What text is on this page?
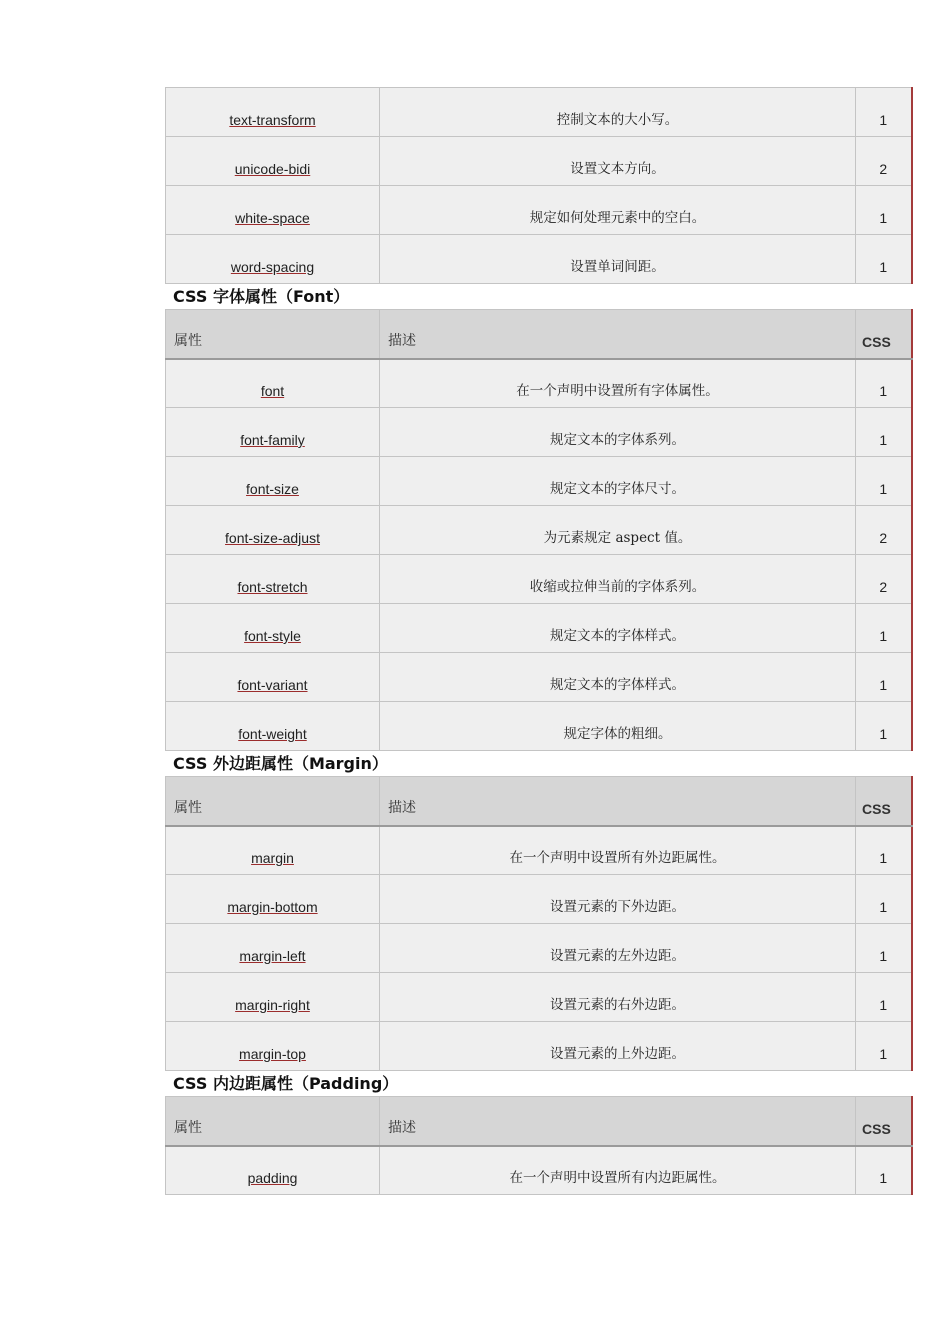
text-transform	控制文本的大小写。	1
unicode-bidi	设置文本方向。	2
white-space	规定如何处理元素中的空白。	1
word-spacing	设置单词间距。	1
CSS 字体属性（Font）
属性	描述	CSS
font	在一个声明中设置所有字体属性。	1
font-family	规定文本的字体系列。	1
font-size	规定文本的字体尺寸。	1
font-size-adjust	为元素规定 aspect 值。	2
font-stretch	收缩或拉伸当前的字体系列。	2
font-style	规定文本的字体样式。	1
font-variant	规定文本的字体样式。	1
font-weight	规定字体的粗细。	1
CSS 外边距属性（Margin）
属性	描述	CSS
margin	在一个声明中设置所有外边距属性。	1
margin-bottom	设置元素的下外边距。	1
margin-left	设置元素的左外边距。	1
margin-right	设置元素的右外边距。	1
margin-top	设置元素的上外边距。	1
CSS 内边距属性（Padding）
属性	描述	CSS
padding	在一个声明中设置所有内边距属性。	1
